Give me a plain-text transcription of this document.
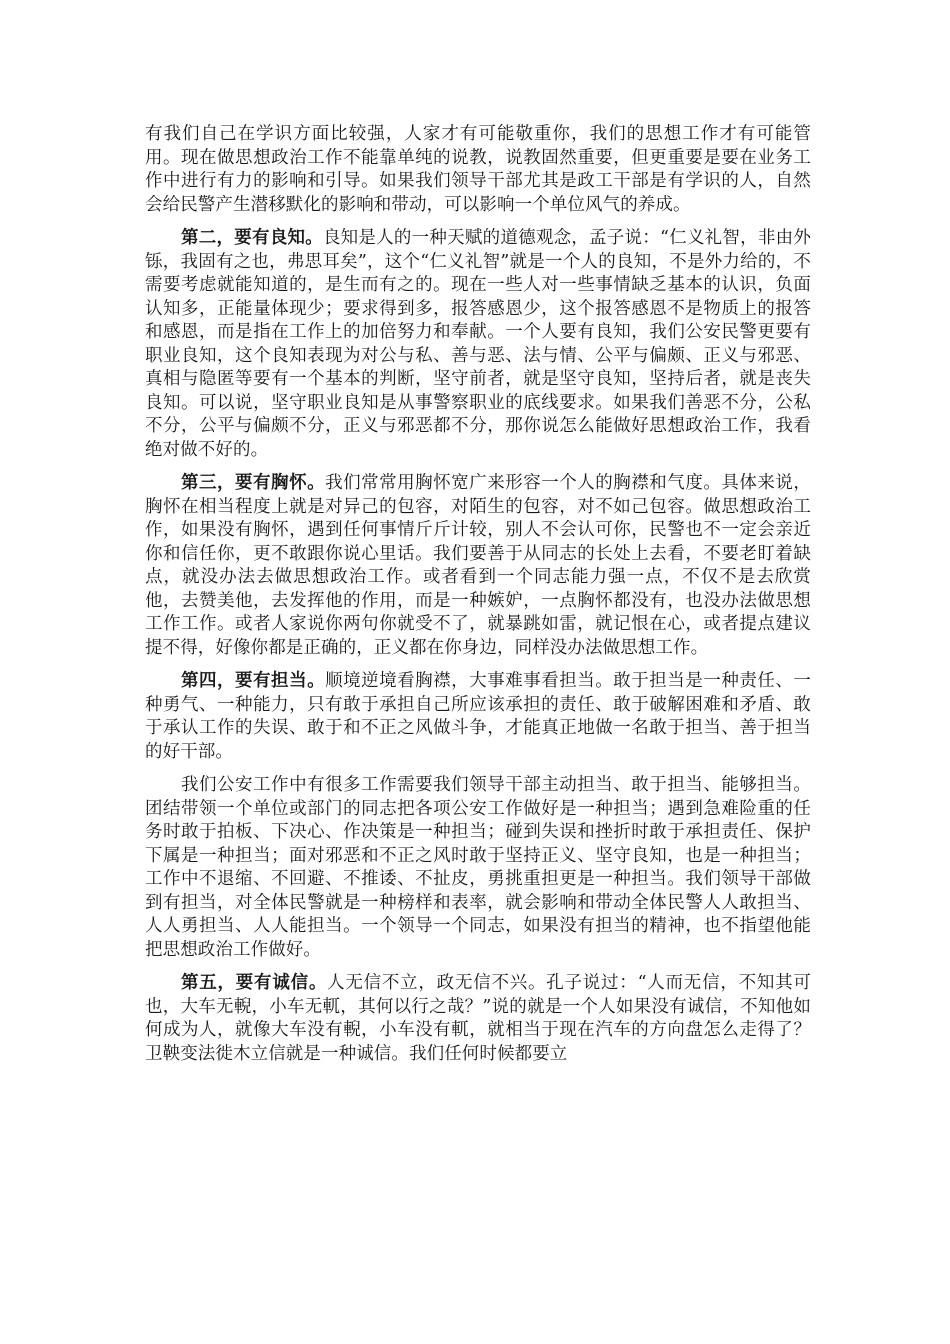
有我们自己在学识方面比较强，人家才有可能敬重你，我们的思想工作才有可能管用。现在做思想政治工作不能靠单纯的说教，说教固然重要，但更重要是要在业务工作中进行有力的影响和引导。如果我们领导干部尤其是政工干部是有学识的人，自然会给民警产生潜移默化的影响和带动，可以影响一个单位风气的养成。

第二，要有良知。良知是人的一种天赋的道德观念，孟子说：“仁义礼智，非由外铄，我固有之也，弗思耳矣”，这个“仁义礼智”就是一个人的良知，不是外力给的，不需要考虑就能知道的，是生而有之的。现在一些人对一些事情缺乏基本的认识，负面认知多，正能量体现少；要求得到多，报答感恩少，这个报答感恩不是物质上的报答和感恩，而是指在工作上的加倍努力和奉献。一个人要有良知，我们公安民警更要有职业良知，这个良知表现为对公与私、善与恶、法与情、公平与偏颇、正义与邪恶、真相与隐匿等要有一个基本的判断，坚守前者，就是坚守良知，坚持后者，就是丧失良知。可以说，坚守职业良知是从事警察职业的底线要求。如果我们善恶不分，公私不分，公平与偏颇不分，正义与邪恶都不分，那你说怎么能做好思想政治工作，我看绝对做不好的。

第三，要有胸怀。我们常常用胸怀宽广来形容一个人的胸襟和气度。具体来说，胸怀在相当程度上就是对异己的包容，对陌生的包容，对不如己包容。做思想政治工作，如果没有胸怀，遇到任何事情斤斤计较，别人不会认可你，民警也不一定会亲近你和信任你，更不敢跟你说心里话。我们要善于从同志的长处上去看，不要老盯着缺点，就没办法去做思想政治工作。或者看到一个同志能力强一点，不仅不是去欣赏他，去赞美他，去发挥他的作用，而是一种嫉妒，一点胸怀都没有，也没办法做思想工作工作。或者人家说你两句你就受不了，就暴跳如雷，就记恨在心，或者提点建议提不得，好像你都是正确的，正义都在你身边，同样没办法做思想工作。

第四，要有担当。顺境逆境看胸襟，大事难事看担当。敢于担当是一种责任、一种勇气、一种能力，只有敢于承担自己所应该承担的责任、敢于破解困难和矛盾、敢于承认工作的失误、敢于和不正之风做斗争，才能真正地做一名敢于担当、善于担当的好干部。

我们公安工作中有很多工作需要我们领导干部主动担当、敢于担当、能够担当。团结带领一个单位或部门的同志把各项公安工作做好是一种担当；遇到急难险重的任务时敢于拍板、下决心、作决策是一种担当；碰到失误和挫折时敢于承担责任、保护下属是一种担当；面对邪恶和不正之风时敢于坚持正义、坚守良知，也是一种担当；工作中不退缩、不回避、不推诿、不扯皮，勇挑重担更是一种担当。我们领导干部做到有担当，对全体民警就是一种榜样和表率，就会影响和带动全体民警人人敢担当、人人勇担当、人人能担当。一个领导一个同志，如果没有担当的精神，也不指望他能把思想政治工作做好。

第五，要有诚信。人无信不立，政无信不兴。孔子说过：“人而无信，不知其可也，大车无輗，小车无軏，其何以行之哉？”说的就是一个人如果没有诚信，不知他如何成为人，就像大车没有輗，小车没有軏，就相当于现在汽车的方向盘怎么走得了？卫鞅变法徙木立信就是一种诚信。我们任何时候都要立
